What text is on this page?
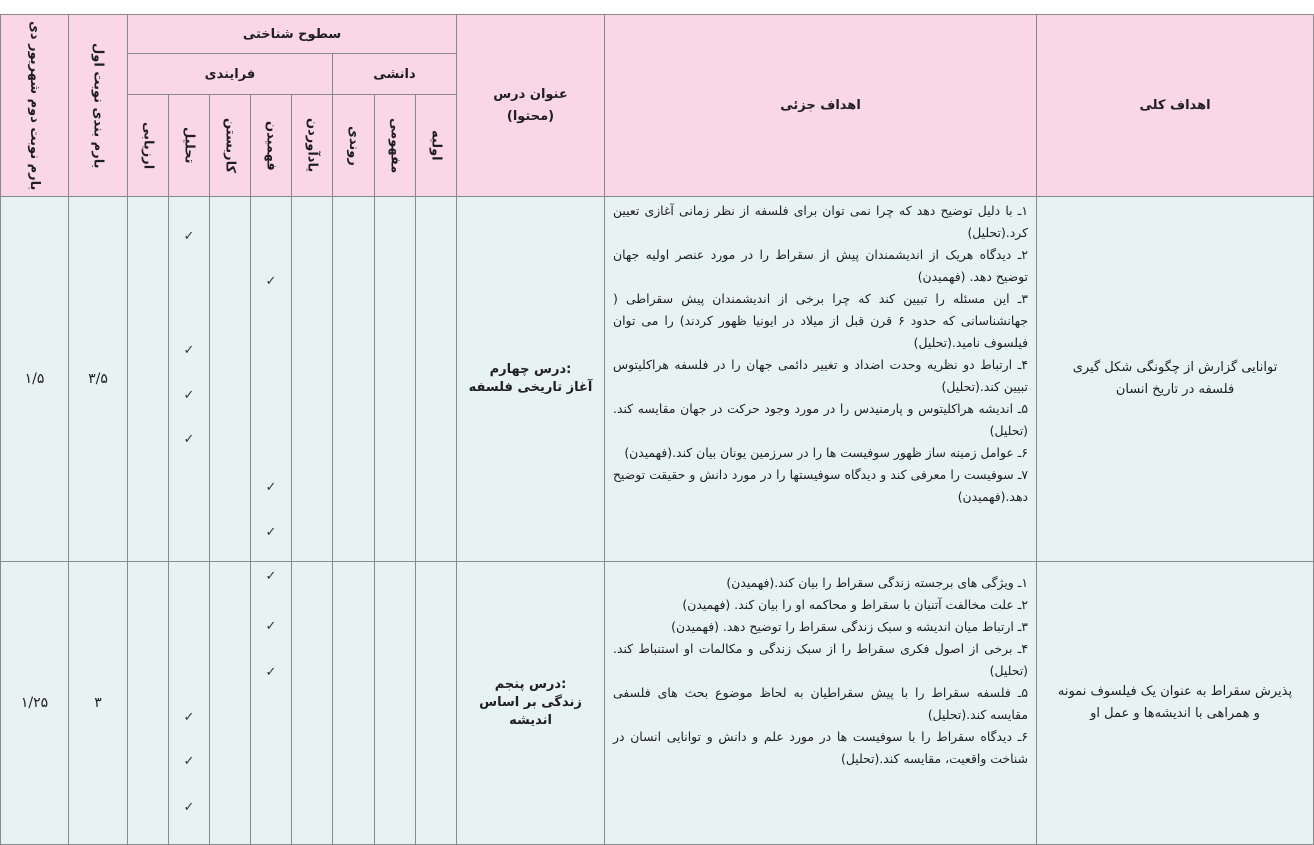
اهداف کلی
اهداف جزئی
عنوان درس
(محتوا)
سطوح شناختی
دانشی
فرایندی
اولیه
مفهومی
روندی
یادآوردن
فهمیدن
کاربستن
تحلیل
ارزیابی
بارم بندی نوبت اول
بارم نوبت دوم شهریور دی
توانایی گزارش از چگونگی شکل گیری فلسفه در تاریخ انسان
۱ـ با دلیل توضیح دهد که چرا نمی توان برای فلسفه از نظر زمانی آغازی تعیین کرد.(تحلیل)
۲ـ دیدگاه هریک از اندیشمندان پیش از سقراط را در مورد عنصر اولیه جهان توضیح دهد. (فهمیدن)
۳ـ این مسئله را تبیین کند که چرا برخی از اندیشمندان پیش سقراطی ( جهانشناسانی که حدود ۶ قرن قبل از میلاد در ایونیا ظهور کردند) را می توان فیلسوف نامید.(تحلیل)
۴ـ ارتباط دو نظریه وحدت اضداد و تغییر دائمی جهان را در فلسفه هراکلیتوس تبیین کند.(تحلیل)
۵ـ اندیشه هراکلیتوس و پارمنیدس را در مورد وجود حرکت در جهان مقایسه کند.(تحلیل)
۶ـ عوامل زمینه ساز ظهور سوفیست ها را در سرزمین یونان بیان کند.(فهمیدن)
۷ـ سوفیست را معرفی کند و دیدگاه سوفیستها را در مورد دانش و حقیقت توضیح دهد.(فهمیدن)
درس چهارم:
آغاز تاریخی فلسفه
۳/۵
۱/۵
✓
✓
✓
✓
✓
✓
✓
پذیرش سقراط به عنوان یک فیلسوف نمونه و همراهی با اندیشه‌ها و عمل او
۱ـ ویژگی های برجسته زندگی سقراط را بیان کند.(فهمیدن)
۲ـ علت مخالفت آتنیان با سقراط و محاکمه او را بیان کند. (فهمیدن)
۳ـ ارتباط میان اندیشه و سبک زندگی سقراط را توضیح دهد. (فهمیدن)
۴ـ برخی از اصول فکری سقراط را از سبک زندگی و مکالمات او استنباط کند.(تحلیل)
۵ـ فلسفه سقراط را با پیش سقراطیان به لحاظ موضوع بحث های فلسفی مقایسه کند.(تحلیل)
۶ـ دیدگاه سقراط را با سوفیست ها در مورد علم و دانش و توانایی انسان در شناخت واقعیت، مقایسه کند.(تحلیل)
درس پنجم:
زندگی بر اساس اندیشه
۳
۱/۲۵
✓
✓
✓
✓
✓
✓
